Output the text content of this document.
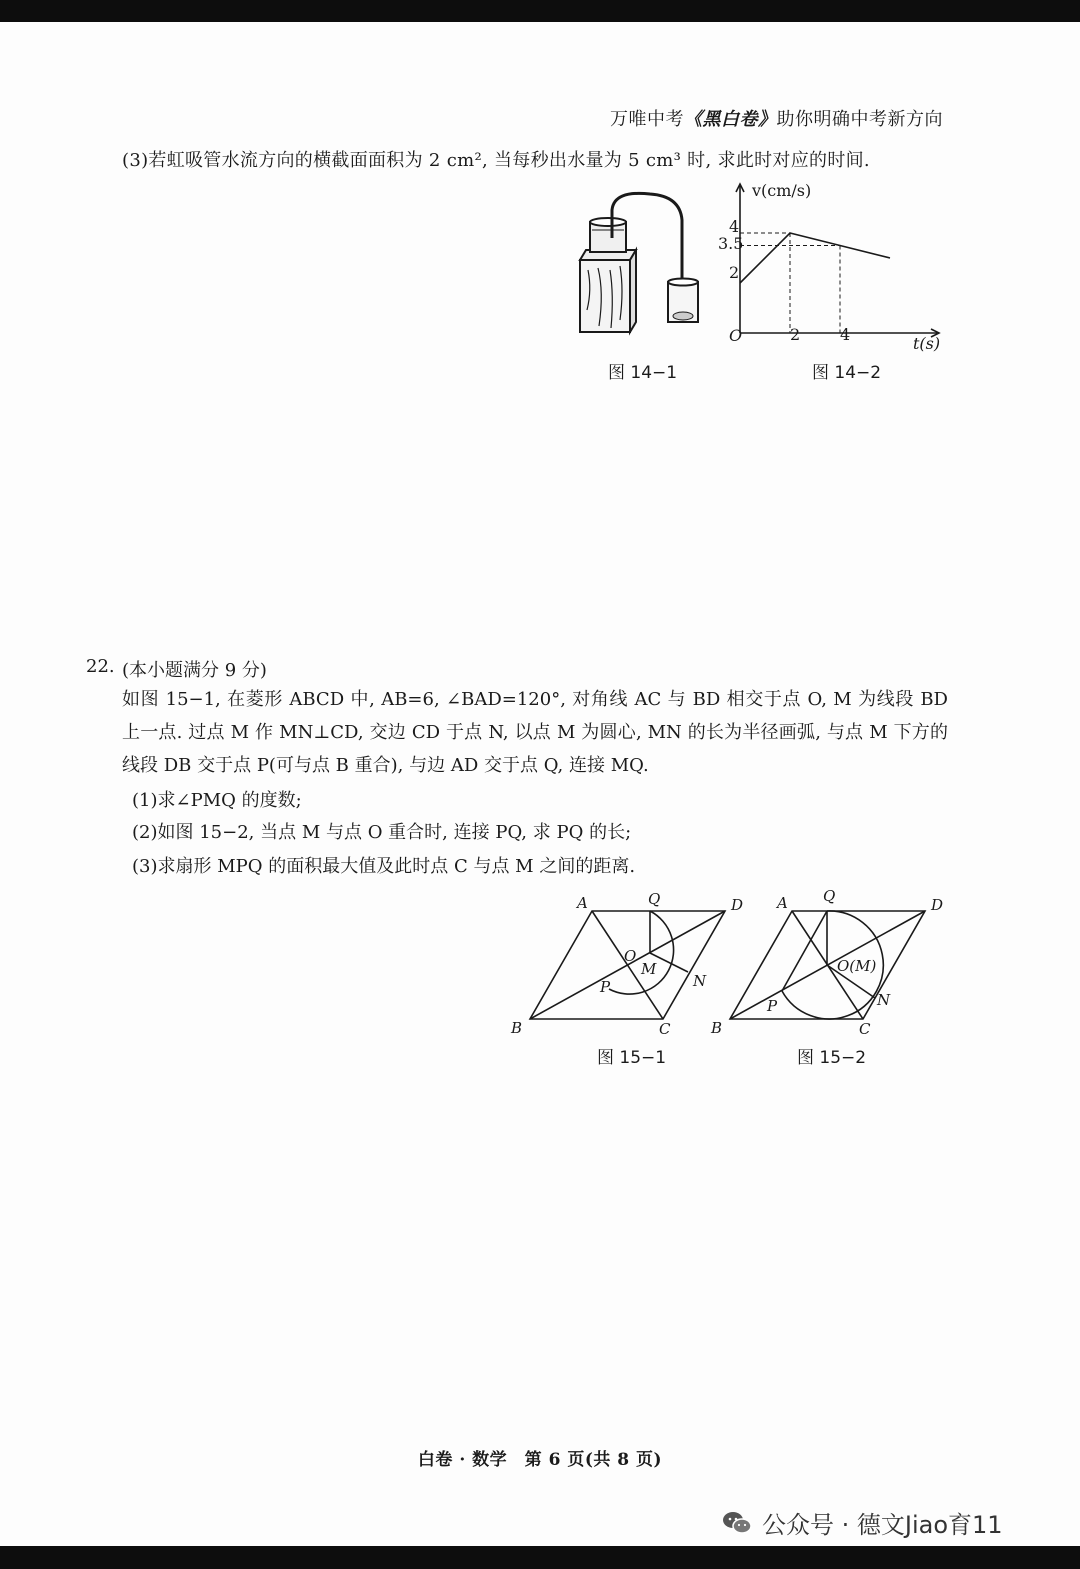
万唯中考《黑白卷》助你明确中考新方向
(3)若虹吸管水流方向的横截面面积为 2 cm², 当每秒出水量为 5 cm³ 时, 求此时对应的时间.
图 14−1
v(cm/s)
t(s)
O
4
3.5
2
2 4
图 14−2
22. (本小题满分 9 分)
如图 15−1, 在菱形 ABCD 中, AB=6, ∠BAD=120°, 对角线 AC 与 BD 相交于点 O, M 为线段 BD 上一点. 过点 M 作 MN⊥CD, 交边 CD 于点 N, 以点 M 为圆心, MN 的长为半径画弧, 与点 M 下方的线段 DB 交于点 P(可与点 B 重合), 与边 AD 交于点 Q, 连接 MQ.
(1)求∠PMQ 的度数;
(2)如图 15−2, 当点 M 与点 O 重合时, 连接 PQ, 求 PQ 的长;
(3)求扇形 MPQ 的面积最大值及此时点 C 与点 M 之间的距离.
A	D
B	C
Q
O
M
P	N
图 15−1
A	D
B	C
Q
O(M)
P	N
图 15−2
白卷 · 数学　第 6 页(共 8 页)
公众号 · 德文Jiao育11
